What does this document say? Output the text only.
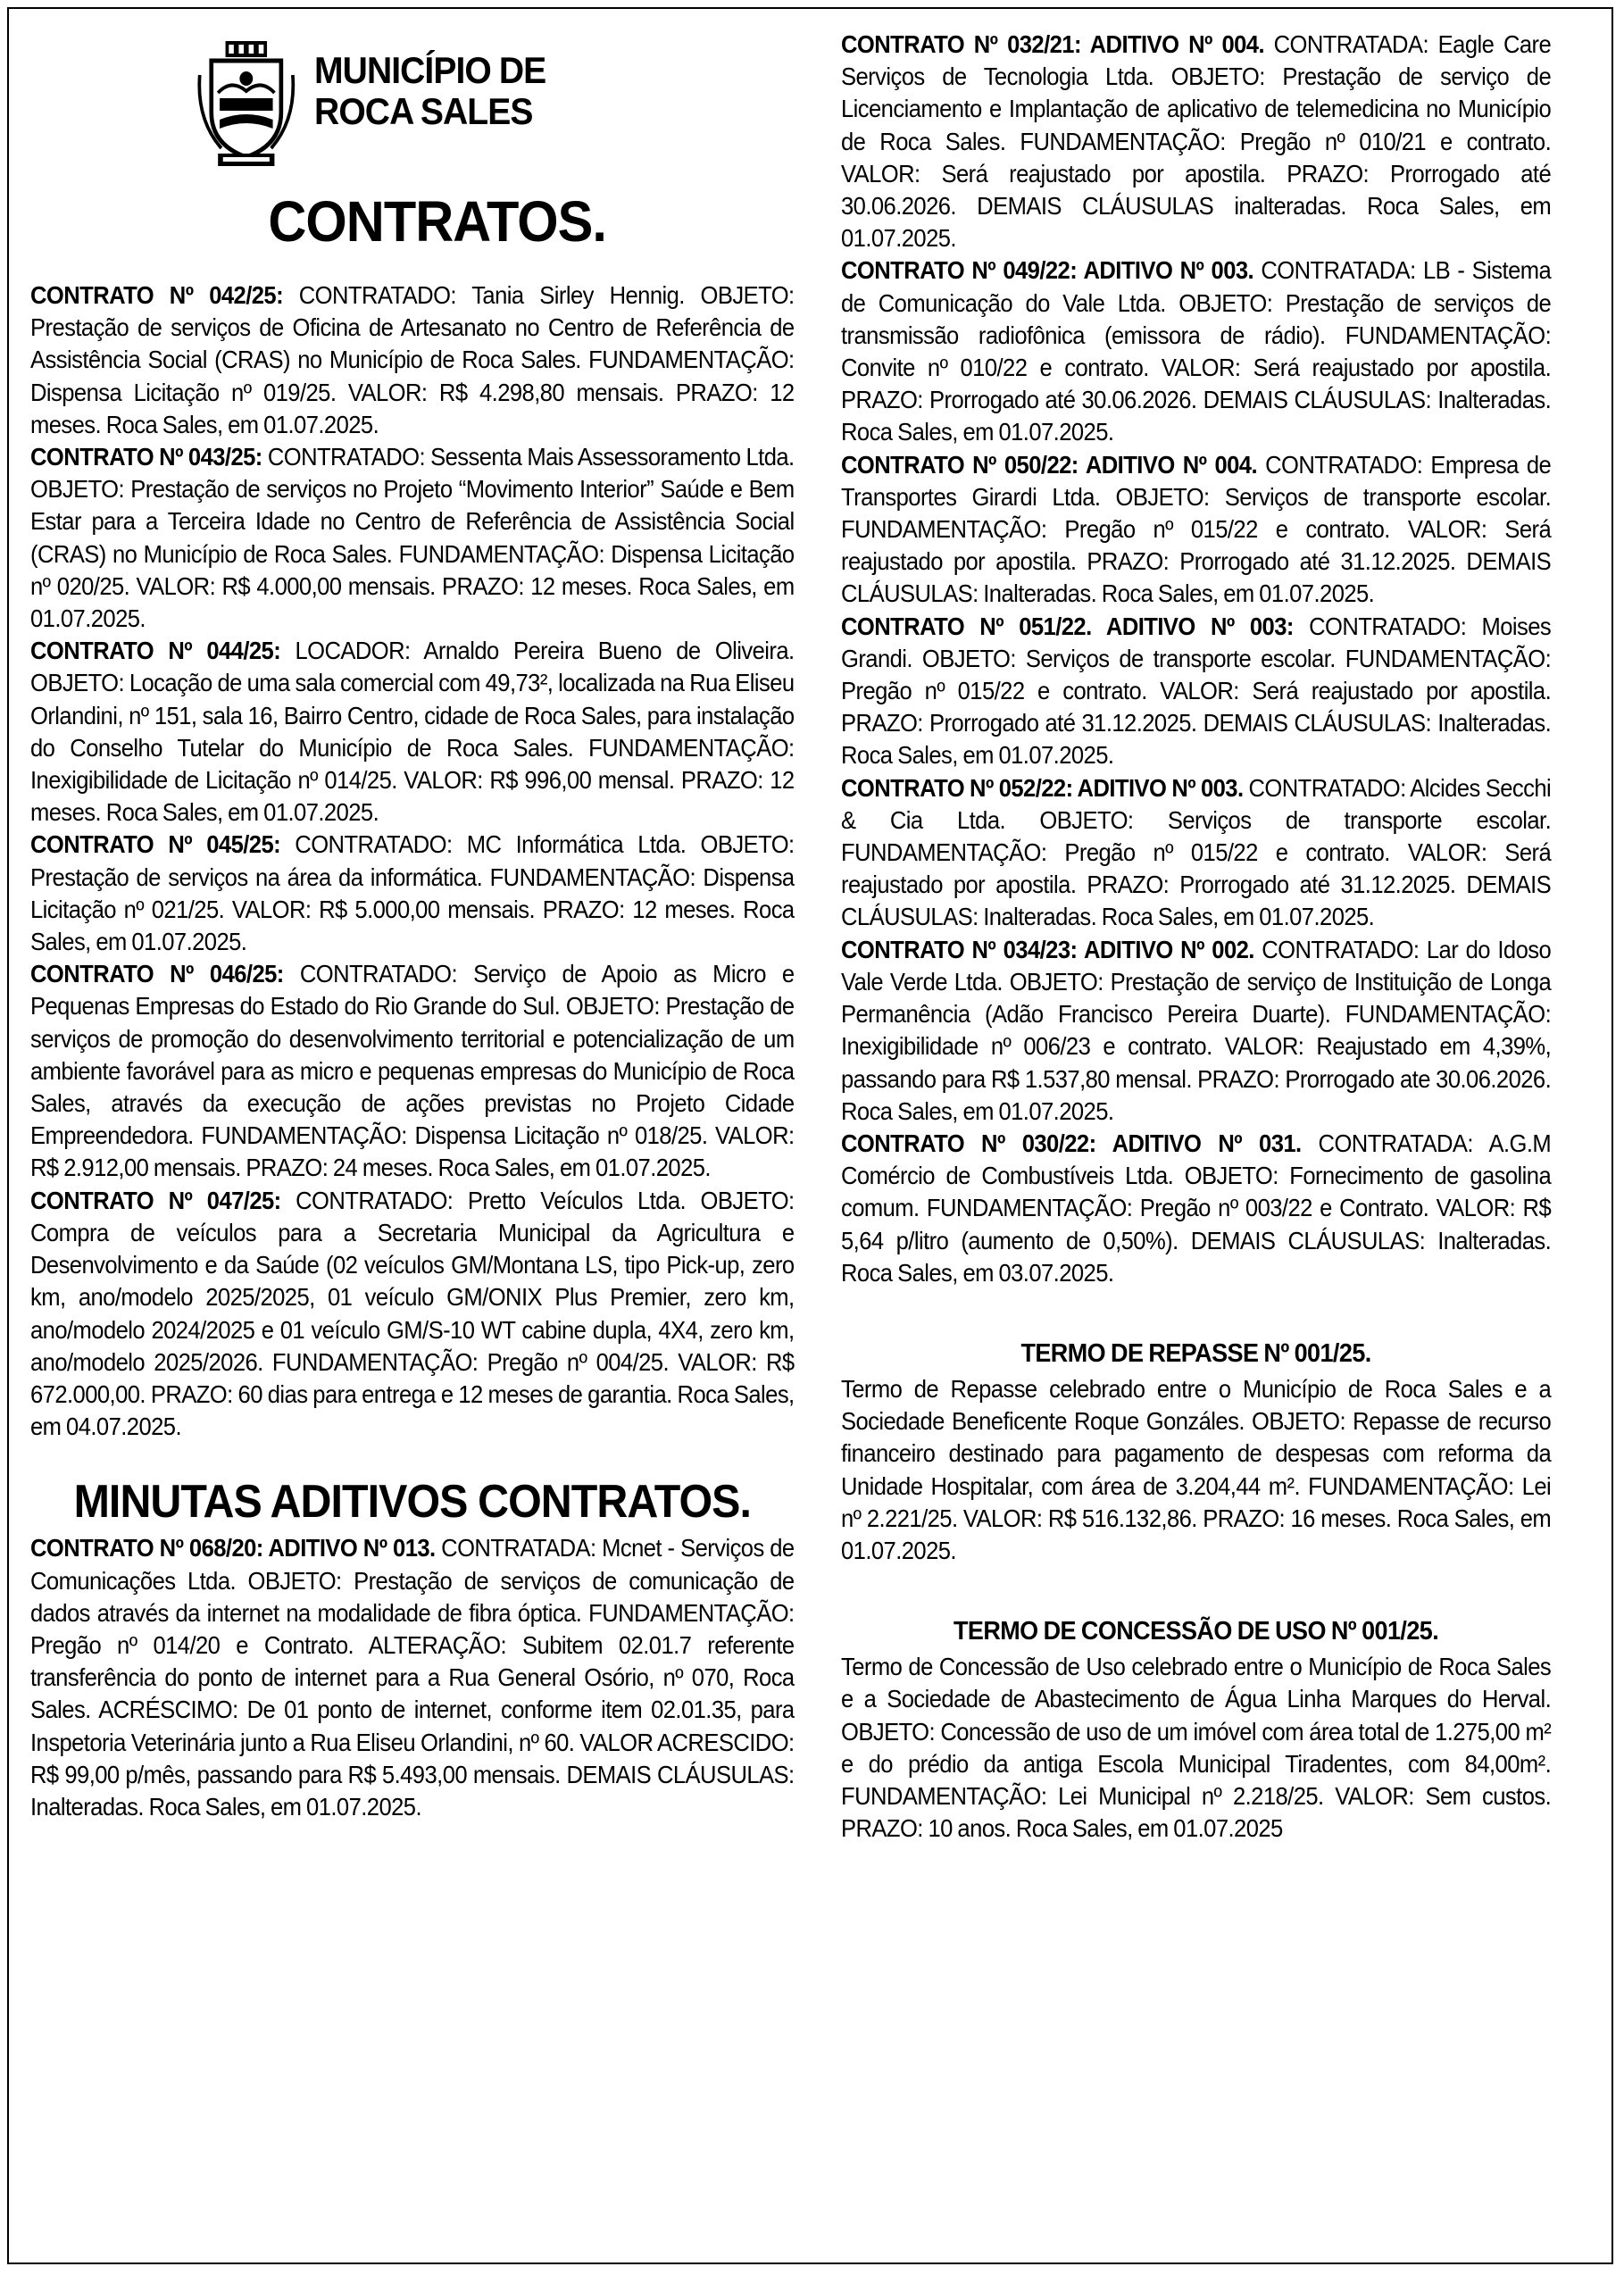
MUNICÍPIO DE
ROCA SALES
CONTRATOS.

CONTRATO Nº 042/25: CONTRATADO: Tania Sirley Hennig. OBJETO: Prestação de serviços de Oficina de Artesanato no Centro de Referência de Assistência Social (CRAS) no Município de Roca Sales. FUNDAMENTAÇÃO: Dispensa Licitação nº 019/25. VALOR: R$ 4.298,80 mensais. PRAZO: 12 meses. Roca Sales, em 01.07.2025.

CONTRATO Nº 043/25: CONTRATADO: Sessenta Mais Assessoramento Ltda. OBJETO: Prestação de serviços no Projeto “Movimento Interior” Saúde e Bem Estar para a Terceira Idade no Centro de Referência de Assistência Social (CRAS) no Município de Roca Sales. FUNDAMENTAÇÃO: Dispensa Licitação nº 020/25. VALOR: R$ 4.000,00 mensais. PRAZO: 12 meses. Roca Sales, em 01.07.2025.

CONTRATO Nº 044/25: LOCADOR: Arnaldo Pereira Bueno de Oliveira. OBJETO: Locação de uma sala comercial com 49,73², localizada na Rua Eliseu Orlandini, nº 151, sala 16, Bairro Centro, cidade de Roca Sales, para instalação do Conselho Tutelar do Município de Roca Sales. FUNDAMENTAÇÃO: Inexigibilidade de Licitação nº 014/25. VALOR: R$ 996,00 mensal. PRAZO: 12 meses. Roca Sales, em 01.07.2025.

CONTRATO Nº 045/25: CONTRATADO: MC Informática Ltda. OBJETO: Prestação de serviços na área da informática. FUNDAMENTAÇÃO: Dispensa Licitação nº 021/25. VALOR: R$ 5.000,00 mensais. PRAZO: 12 meses. Roca Sales, em 01.07.2025.

CONTRATO Nº 046/25: CONTRATADO: Serviço de Apoio as Micro e Pequenas Empresas do Estado do Rio Grande do Sul. OBJETO: Prestação de serviços de promoção do desenvolvimento territorial e potencialização de um ambiente favorável para as micro e pequenas empresas do Município de Roca Sales, através da execução de ações previstas no Projeto Cidade Empreendedora. FUNDAMENTAÇÃO: Dispensa Licitação nº 018/25. VALOR: R$ 2.912,00 mensais. PRAZO: 24 meses. Roca Sales, em 01.07.2025.

CONTRATO Nº 047/25: CONTRATADO: Pretto Veículos Ltda. OBJETO: Compra de veículos para a Secretaria Municipal da Agricultura e Desenvolvimento e da Saúde (02 veículos GM/Montana LS, tipo Pick-up, zero km, ano/modelo 2025/2025, 01 veículo GM/ONIX Plus Premier, zero km, ano/modelo 2024/2025 e 01 veículo GM/S-10 WT cabine dupla, 4X4, zero km, ano/modelo 2025/2026. FUNDAMENTAÇÃO: Pregão nº 004/25. VALOR: R$ 672.000,00. PRAZO: 60 dias para entrega e 12 meses de garantia. Roca Sales, em 04.07.2025.

MINUTAS ADITIVOS CONTRATOS.

CONTRATO Nº 068/20: ADITIVO Nº 013. CONTRATADA: Mcnet - Serviços de Comunicações Ltda. OBJETO: Prestação de serviços de comunicação de dados através da internet na modalidade de fibra óptica. FUNDAMENTAÇÃO: Pregão nº 014/20 e Contrato. ALTERAÇÃO: Subitem 02.01.7 referente transferência do ponto de internet para a Rua General Osório, nº 070, Roca Sales. ACRÉSCIMO: De 01 ponto de internet, conforme item 02.01.35, para Inspetoria Veterinária junto a Rua Eliseu Orlandini, nº 60. VALOR ACRESCIDO: R$ 99,00 p/mês, passando para R$ 5.493,00 mensais. DEMAIS CLÁUSULAS: Inalteradas. Roca Sales, em 01.07.2025.

CONTRATO Nº 032/21: ADITIVO Nº 004. CONTRATADA: Eagle Care Serviços de Tecnologia Ltda. OBJETO: Prestação de serviço de Licenciamento e Implantação de aplicativo de telemedicina no Município de Roca Sales. FUNDAMENTAÇÃO: Pregão nº 010/21 e contrato. VALOR: Será reajustado por apostila. PRAZO: Prorrogado até 30.06.2026. DEMAIS CLÁUSULAS inalteradas. Roca Sales, em 01.07.2025.

CONTRATO Nº 049/22: ADITIVO Nº 003. CONTRATADA: LB - Sistema de Comunicação do Vale Ltda. OBJETO: Prestação de serviços de transmissão radiofônica (emissora de rádio). FUNDAMENTAÇÃO: Convite nº 010/22 e contrato. VALOR: Será reajustado por apostila. PRAZO: Prorrogado até 30.06.2026. DEMAIS CLÁUSULAS: Inalteradas. Roca Sales, em 01.07.2025.

CONTRATO Nº 050/22: ADITIVO Nº 004. CONTRATADO: Empresa de Transportes Girardi Ltda. OBJETO: Serviços de transporte escolar. FUNDAMENTAÇÃO: Pregão nº 015/22 e contrato. VALOR: Será reajustado por apostila. PRAZO: Prorrogado até 31.12.2025. DEMAIS CLÁUSULAS: Inalteradas. Roca Sales, em 01.07.2025.

CONTRATO Nº 051/22. ADITIVO Nº 003: CONTRATADO: Moises Grandi. OBJETO: Serviços de transporte escolar. FUNDAMENTAÇÃO: Pregão nº 015/22 e contrato. VALOR: Será reajustado por apostila. PRAZO: Prorrogado até 31.12.2025. DEMAIS CLÁUSULAS: Inalteradas. Roca Sales, em 01.07.2025.

CONTRATO Nº 052/22: ADITIVO Nº 003. CONTRATADO: Alcides Secchi & Cia Ltda. OBJETO: Serviços de transporte escolar. FUNDAMENTAÇÃO: Pregão nº 015/22 e contrato. VALOR: Será reajustado por apostila. PRAZO: Prorrogado até 31.12.2025. DEMAIS CLÁUSULAS: Inalteradas. Roca Sales, em 01.07.2025.

CONTRATO Nº 034/23: ADITIVO Nº 002. CONTRATADO: Lar do Idoso Vale Verde Ltda. OBJETO: Prestação de serviço de Instituição de Longa Permanência (Adão Francisco Pereira Duarte). FUNDAMENTAÇÃO: Inexigibilidade nº 006/23 e contrato. VALOR: Reajustado em 4,39%, passando para R$ 1.537,80 mensal. PRAZO: Prorrogado ate 30.06.2026. Roca Sales, em 01.07.2025.

CONTRATO Nº 030/22: ADITIVO Nº 031. CONTRATADA: A.G.M Comércio de Combustíveis Ltda. OBJETO: Fornecimento de gasolina comum. FUNDAMENTAÇÃO: Pregão nº 003/22 e Contrato. VALOR: R$ 5,64 p/litro (aumento de 0,50%). DEMAIS CLÁUSULAS: Inalteradas. Roca Sales, em 03.07.2025.

TERMO DE REPASSE Nº 001/25.

Termo de Repasse celebrado entre o Município de Roca Sales e a Sociedade Beneficente Roque Gonzáles. OBJETO: Repasse de recurso financeiro destinado para pagamento de despesas com reforma da Unidade Hospitalar, com área de 3.204,44 m². FUNDAMENTAÇÃO: Lei nº 2.221/25. VALOR: R$ 516.132,86. PRAZO: 16 meses. Roca Sales, em 01.07.2025.

TERMO DE CONCESSÃO DE USO Nº 001/25.

Termo de Concessão de Uso celebrado entre o Município de Roca Sales e a Sociedade de Abastecimento de Água Linha Marques do Herval. OBJETO: Concessão de uso de um imóvel com área total de 1.275,00 m² e do prédio da antiga Escola Municipal Tiradentes, com 84,00m². FUNDAMENTAÇÃO: Lei Municipal nº 2.218/25. VALOR: Sem custos. PRAZO: 10 anos. Roca Sales, em 01.07.2025
